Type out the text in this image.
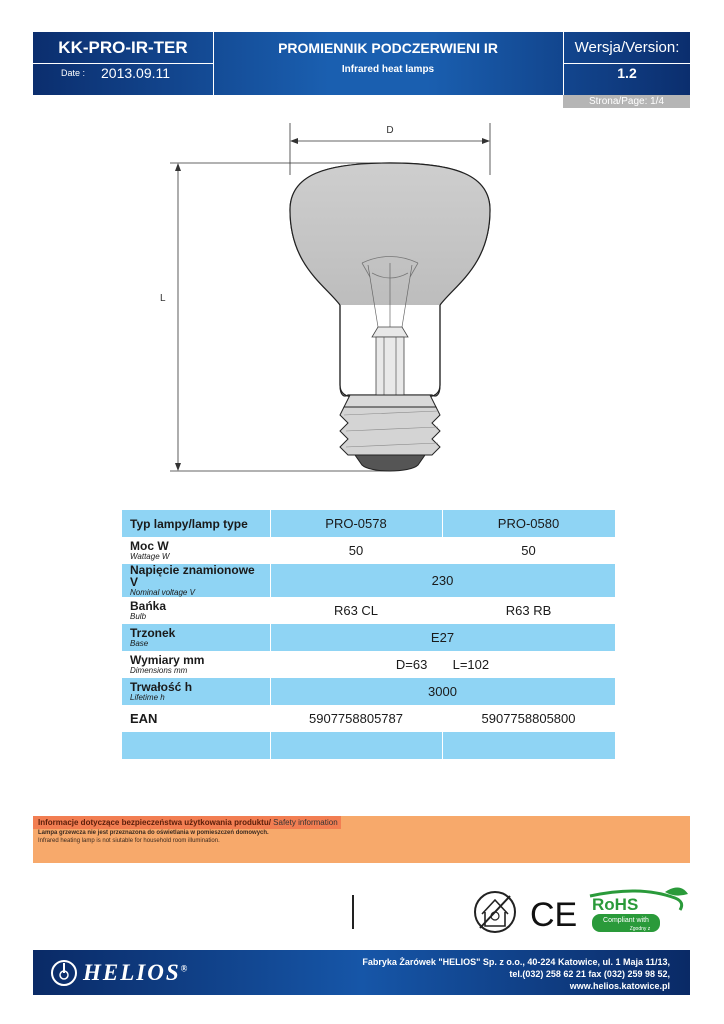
KK-PRO-IR-TER
Date : 2013.09.11
PROMIENNIK PODCZERWIENI IR
Infrared heat lamps
Wersja/Version:
1.2
Strona/Page: 1/4
D
L
Typ lampy/lamp type	PRO-0578	PRO-0580

Moc W
Wattage W	50	50

Napięcie znamionowe V
Nominal voltage V	230	

Bańka
Bulb	R63 CL	R63 RB

Trzonek
Base	E27	

Wymiary mm
Dimensions mm	D=63       L=102	

Trwałość h
Lifetime h	3000	

EAN	5907758805787	5907758805800

Informacje dotyczące bezpieczeństwa użytkowania produktu/ Safety information
Lampa grzewcza nie jest przeznazona do oświetlania w pomieszczeń domowych.
Infrared heating lamp is not siutable for household room illumination.
CE RoHS
Compliant with
Zgodny z
HELIOS®
Fabryka Żarówek "HELIOS" Sp. z o.o., 40-224 Katowice, ul. 1 Maja 11/13,
tel.(032) 258 62 21 fax (032) 259 98 52,
www.helios.katowice.pl
